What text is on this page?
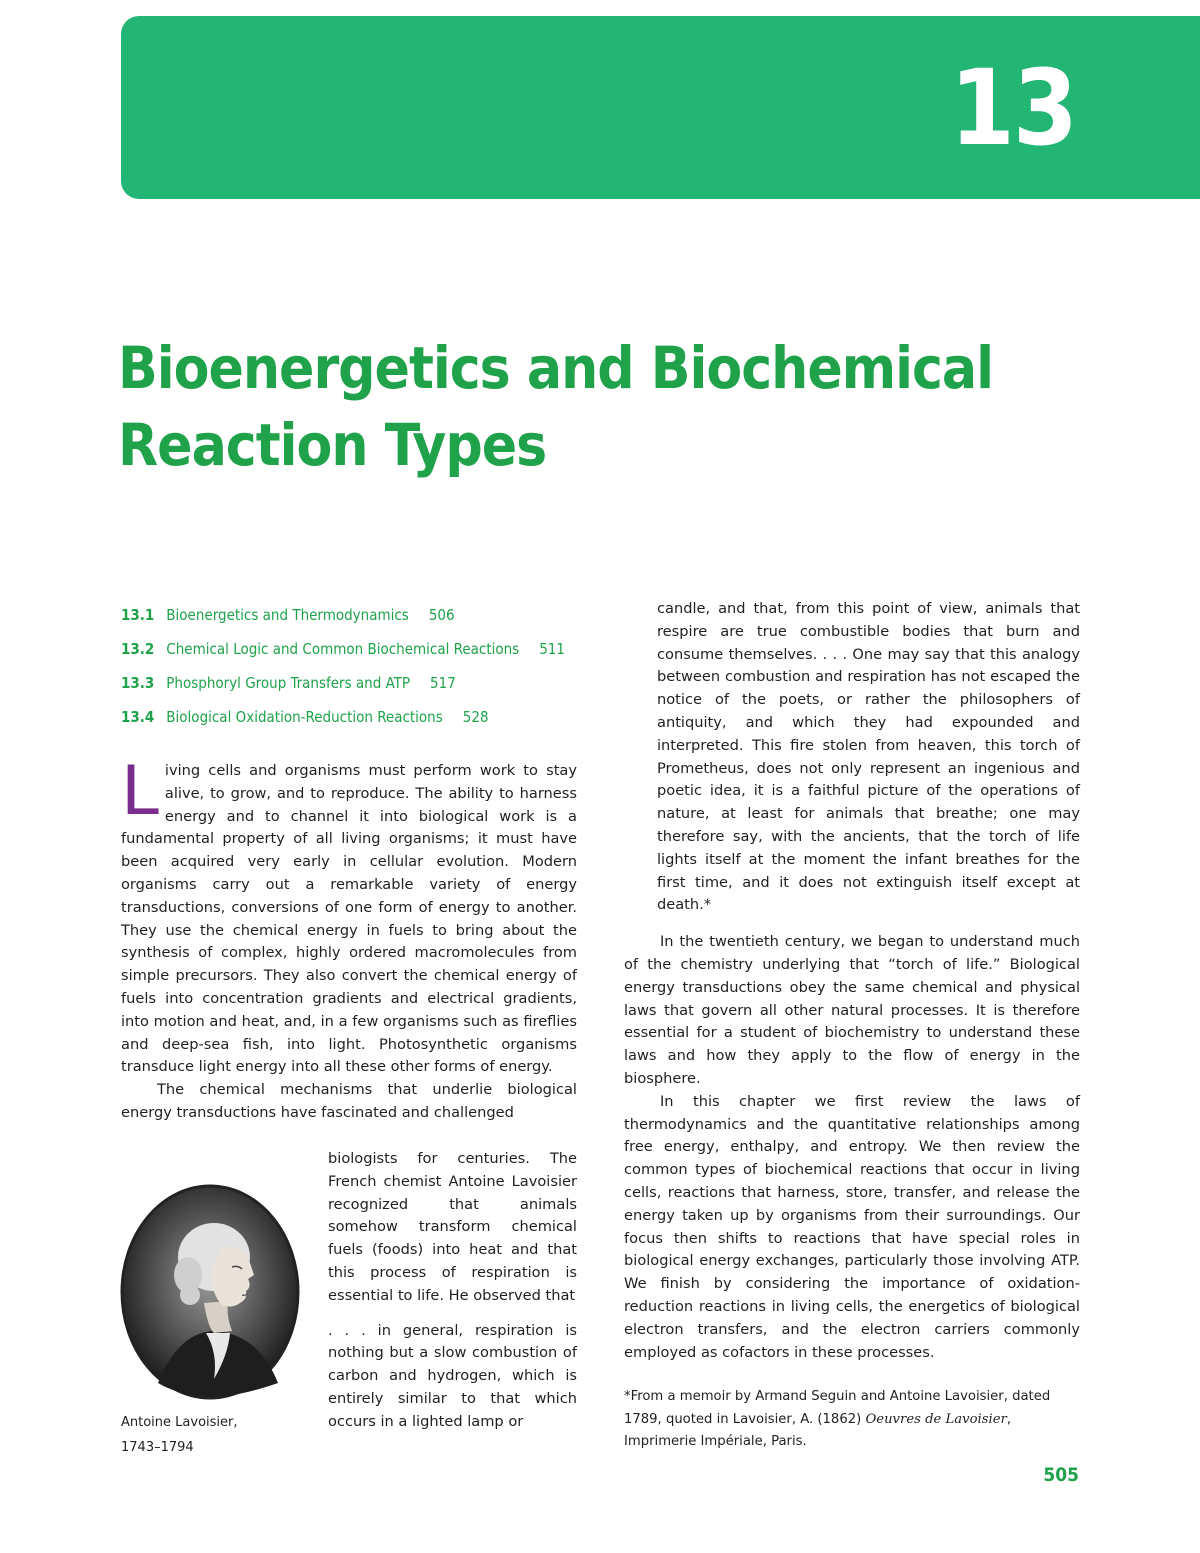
13

Bioenergetics and Biochemical
Reaction Types
13.1 Bioenergetics and Thermodynamics 506
13.2 Chemical Logic and Common Biochemical Reactions 511
13.3 Phosphoryl Group Transfers and ATP 517
13.4 Biological Oxidation-Reduction Reactions 528

Living cells and organisms must perform work to stay alive, to grow, and to reproduce. The ability to harness energy and to channel it into biological work is a fundamental property of all living organisms; it must have been acquired very early in cellular evolution. Modern organisms carry out a remarkable variety of energy transductions, conversions of one form of energy to another. They use the chemical energy in fuels to bring about the synthesis of complex, highly ordered macromolecules from simple precursors. They also convert the chemical energy of fuels into concentration gradients and electrical gradients, into motion and heat, and, in a few organisms such as fireflies and deep-sea fish, into light. Photosynthetic organisms transduce light energy into all these other forms of energy.

The chemical mechanisms that underlie biological energy transductions have fascinated and challenged

Antoine Lavoisier,
1743–1794

biologists for centuries. The French chemist Antoine Lavoisier recognized that animals somehow transform chemical fuels (foods) into heat and that this process of respiration is essential to life. He observed that

. . . in general, respiration is nothing but a slow combustion of carbon and hydrogen, which is entirely similar to that which occurs in a lighted lamp or

candle, and that, from this point of view, animals that respire are true combustible bodies that burn and consume themselves. . . . One may say that this analogy between combustion and respiration has not escaped the notice of the poets, or rather the philosophers of antiquity, and which they had expounded and interpreted. This fire stolen from heaven, this torch of Prometheus, does not only represent an ingenious and poetic idea, it is a faithful picture of the operations of nature, at least for animals that breathe; one may therefore say, with the ancients, that the torch of life lights itself at the moment the infant breathes for the first time, and it does not extinguish itself except at death.*

In the twentieth century, we began to understand much of the chemistry underlying that “torch of life.” Biological energy transductions obey the same chemical and physical laws that govern all other natural processes. It is therefore essential for a student of biochemistry to understand these laws and how they apply to the flow of energy in the biosphere.

In this chapter we first review the laws of thermodynamics and the quantitative relationships among free energy, enthalpy, and entropy. We then review the common types of biochemical reactions that occur in living cells, reactions that harness, store, transfer, and release the energy taken up by organisms from their surroundings. Our focus then shifts to reactions that have special roles in biological energy exchanges, particularly those involving ATP. We finish by considering the importance of oxidation-reduction reactions in living cells, the energetics of biological electron transfers, and the electron carriers commonly employed as cofactors in these processes.

*From a memoir by Armand Seguin and Antoine Lavoisier, dated 1789, quoted in Lavoisier, A. (1862) Oeuvres de Lavoisier, Imprimerie Impériale, Paris.

505
